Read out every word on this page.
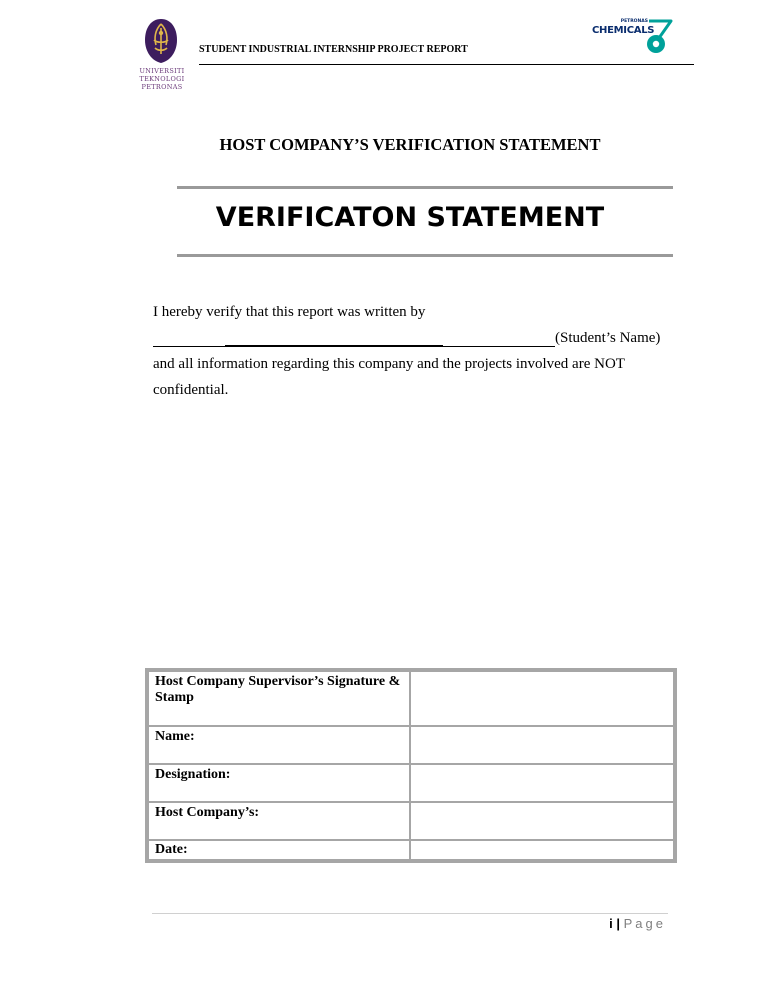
UNIVERSITI
TEKNOLOGI
PETRONAS
STUDENT INDUSTRIAL INTERNSHIP PROJECT REPORT
PETRONAS
CHEMICALS
HOST COMPANY’S VERIFICATION STATEMENT
VERIFICATON STATEMENT
I hereby verify that this report was written by
(Student’s Name)
and all information regarding this company and the projects involved are NOT
confidential.
Host Company Supervisor’s Signature & Stamp	
Name:	
Designation:	
Host Company’s:	
Date:	
i | Page
